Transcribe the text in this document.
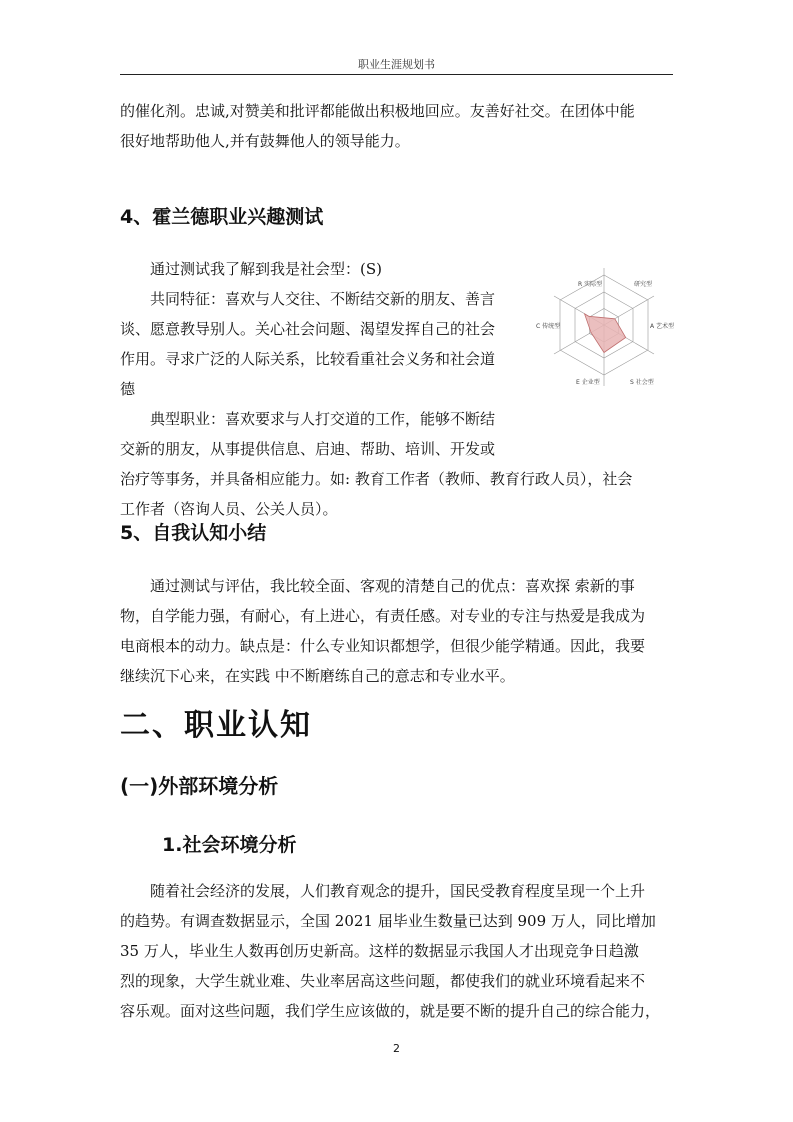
职业生涯规划书

的催化剂。忠诚,对赞美和批评都能做出积极地回应。友善好社交。在团体中能

很好地帮助他人,并有鼓舞他人的领导能力。

4、霍兰德职业兴趣测试

通过测试我了解到我是社会型：(S)

共同特征：喜欢与人交往、不断结交新的朋友、善言

谈、愿意教导别人。关心社会问题、渴望发挥自己的社会

作用。寻求广泛的人际关系，比较看重社会义务和社会道

德

典型职业：喜欢要求与人打交道的工作，能够不断结

交新的朋友，从事提供信息、启迪、帮助、培训、开发或

治疗等事务，并具备相应能力。如: 教育工作者（教师、教育行政人员），社会

工作者（咨询人员、公关人员）。

R 实际型	研究型
A 艺术型
S 社会型
E 企业型
C 传统型
5、自我认知小结

通过测试与评估，我比较全面、客观的清楚自己的优点：喜欢探 索新的事

物，自学能力强，有耐心，有上进心，有责任感。对专业的专注与热爱是我成为

电商根本的动力。缺点是：什么专业知识都想学，但很少能学精通。因此，我要

继续沉下心来，在实践 中不断磨练自己的意志和专业水平。

二、职业认知
(一)外部环境分析
1.社会环境分析

随着社会经济的发展，人们教育观念的提升，国民受教育程度呈现一个上升

的趋势。有调查数据显示，全国 2021 届毕业生数量已达到 909 万人，同比增加

35 万人，毕业生人数再创历史新高。这样的数据显示我国人才出现竞争日趋激

烈的现象，大学生就业难、失业率居高这些问题，都使我们的就业环境看起来不

容乐观。面对这些问题，我们学生应该做的，就是要不断的提升自己的综合能力，

2
